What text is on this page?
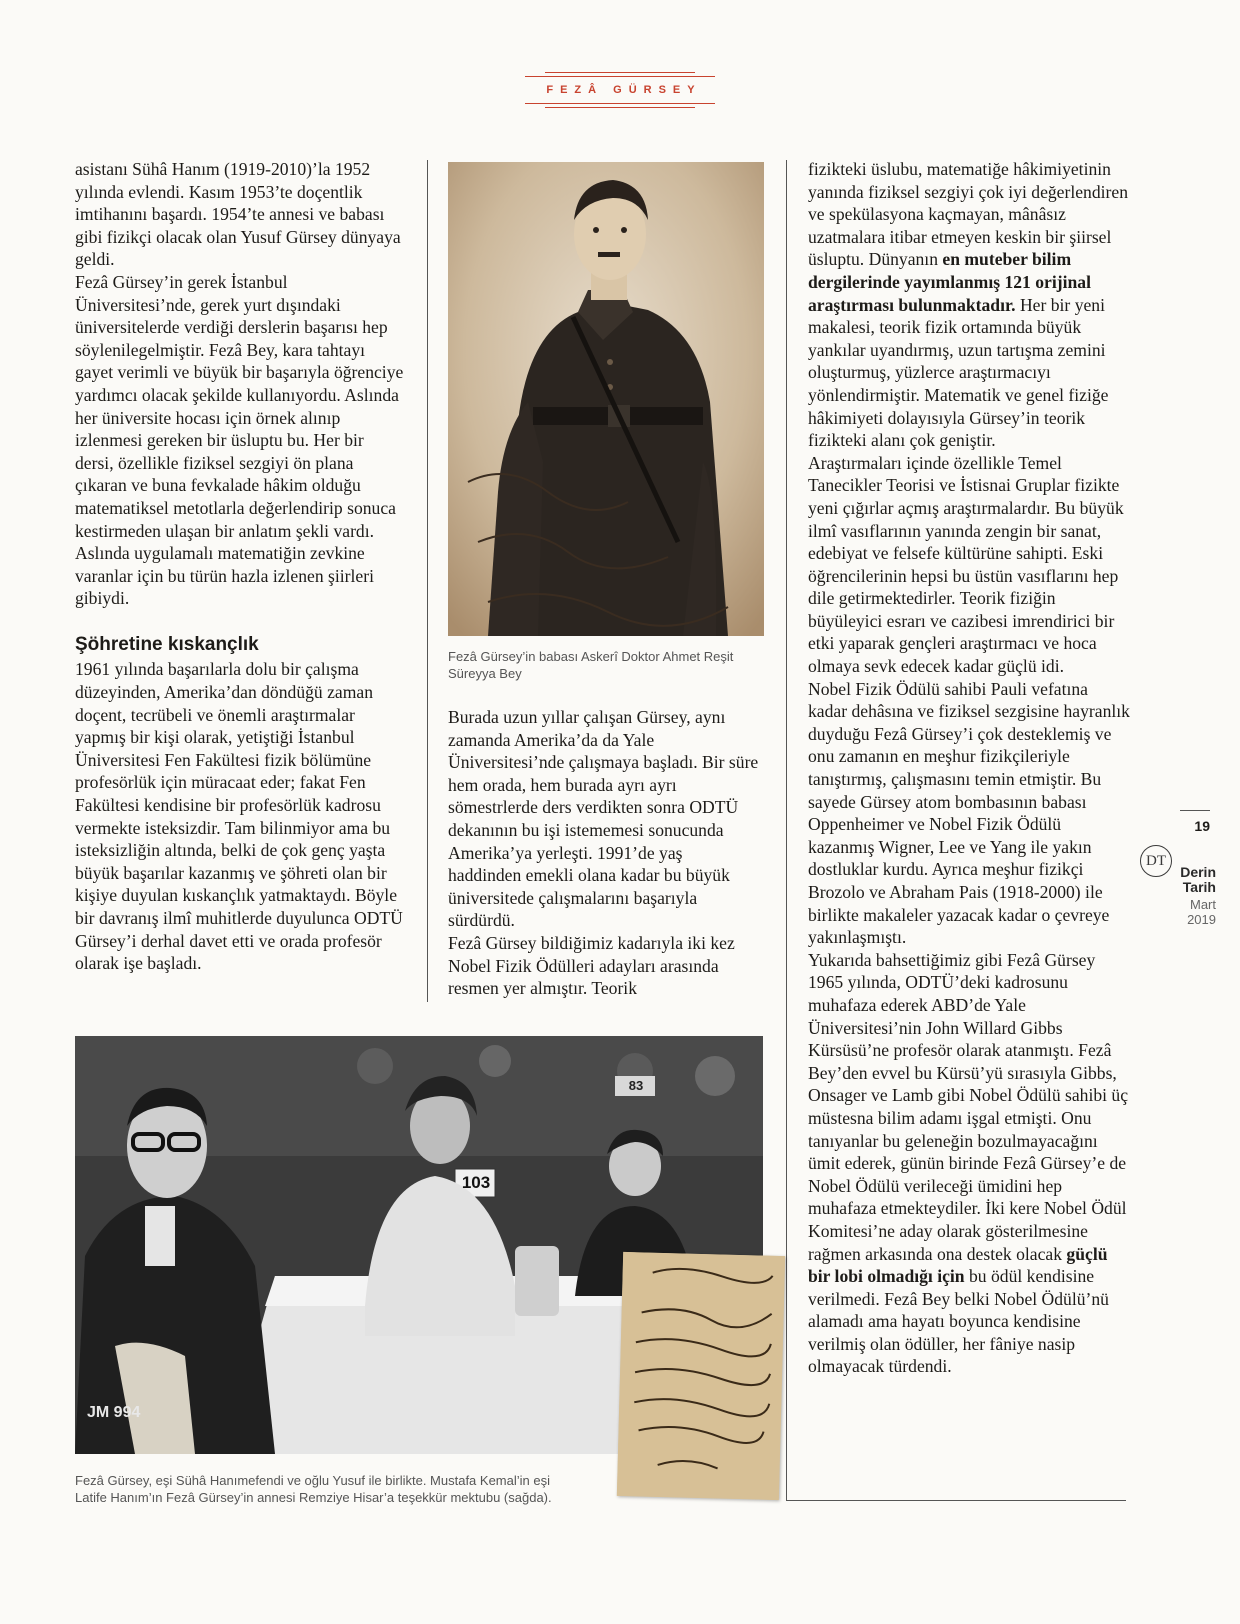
FEZÂ GÜRSEY

asistanı Sühâ Hanım (1919-2010)’la 1952 yılında evlendi. Kasım 1953’te doçentlik imtihanını başardı. 1954’te annesi ve babası gibi fizikçi olacak olan Yusuf Gürsey dünyaya geldi.

Fezâ Gürsey’in gerek İstanbul Üniversitesi’nde, gerek yurt dışındaki üniversitelerde verdiği derslerin başarısı hep söylenilegelmiştir. Fezâ Bey, kara tahtayı gayet verimli ve büyük bir başarıyla öğrenciye yardımcı olacak şekilde kullanıyordu. Aslında her üniversite hocası için örnek alınıp izlenmesi gereken bir üsluptu bu. Her bir dersi, özellikle fiziksel sezgiyi ön plana çıkaran ve buna fevkalade hâkim olduğu matematiksel metotlarla değerlendirip sonuca kestirmeden ulaşan bir anlatım şekli vardı. Aslında uygulamalı matematiğin zevkine varanlar için bu türün hazla izlenen şiirleri gibiydi.

Şöhretine kıskançlık

1961 yılında başarılarla dolu bir çalışma düzeyinden, Amerika’dan döndüğü zaman doçent, tecrübeli ve önemli araştırmalar yapmış bir kişi olarak, yetiştiği İstanbul Üniversitesi Fen Fakültesi fizik bölümüne profesörlük için müracaat eder; fakat Fen Fakültesi kendisine bir profesörlük kadrosu vermekte isteksizdir. Tam bilinmiyor ama bu isteksizliğin altında, belki de çok genç yaşta büyük başarılar kazanmış ve şöhreti olan bir kişiye duyulan kıskançlık yatmaktaydı. Böyle bir davranış ilmî muhitlerde duyulunca ODTÜ Gürsey’i derhal davet etti ve orada profesör olarak işe başladı.

Fezâ Gürsey’in babası Askerî Doktor Ahmet Reşit Süreyya Bey

Burada uzun yıllar çalışan Gürsey, aynı zamanda Amerika’da da Yale Üniversitesi’nde çalışmaya başladı. Bir süre hem orada, hem burada ayrı ayrı sömestrlerde ders verdikten sonra ODTÜ dekanının bu işi istememesi sonucunda Amerika’ya yerleşti. 1991’de yaş haddinden emekli olana kadar bu büyük üniversitede çalışmalarını başarıyla sürdürdü.

Fezâ Gürsey bildiğimiz kadarıyla iki kez Nobel Fizik Ödülleri adayları arasında resmen yer almıştır. Teorik

fizikteki üslubu, matematiğe hâkimiyetinin yanında fiziksel sezgiyi çok iyi değerlendiren ve spekülasyona kaçmayan, mânâsız uzatmalara itibar etmeyen keskin bir şiirsel üsluptu. Dünyanın en muteber bilim dergilerinde yayımlanmış 121 orijinal araştırması bulunmaktadır. Her bir yeni makalesi, teorik fizik ortamında büyük yankılar uyandırmış, uzun tartışma zemini oluşturmuş, yüzlerce araştırmacıyı yönlendirmiştir. Matematik ve genel fiziğe hâkimiyeti dolayısıyla Gürsey’in teorik fizikteki alanı çok geniştir.

Araştırmaları içinde özellikle Temel Tanecikler Teorisi ve İstisnai Gruplar fizikte yeni çığırlar açmış araştırmalardır. Bu büyük ilmî vasıflarının yanında zengin bir sanat, edebiyat ve felsefe kültürüne sahipti. Eski öğrencilerinin hepsi bu üstün vasıflarını hep dile getirmektedirler. Teorik fiziğin büyüleyici esrarı ve cazibesi imrendirici bir etki yaparak gençleri araştırmacı ve hoca olmaya sevk edecek kadar güçlü idi.

Nobel Fizik Ödülü sahibi Pauli vefatına kadar dehâsına ve fiziksel sezgisine hayranlık duyduğu Fezâ Gürsey’i çok desteklemiş ve onu zamanın en meşhur fizikçileriyle tanıştırmış, çalışmasını temin etmiştir. Bu sayede Gürsey atom bombasının babası Oppenheimer ve Nobel Fizik Ödülü kazanmış Wigner, Lee ve Yang ile yakın dostluklar kurdu. Ayrıca meşhur fizikçi Brozolo ve Abraham Pais (1918-2000) ile birlikte makaleler yazacak kadar o çevreye yakınlaşmıştı.

Yukarıda bahsettiğimiz gibi Fezâ Gürsey 1965 yılında, ODTÜ’deki kadrosunu muhafaza ederek ABD’de Yale Üniversitesi’nin John Willard Gibbs Kürsüsü’ne profesör olarak atanmıştı. Fezâ Bey’den evvel bu Kürsü’yü sırasıyla Gibbs, Onsager ve Lamb gibi Nobel Ödülü sahibi üç müstesna bilim adamı işgal etmişti. Onu tanıyanlar bu geleneğin bozulmayacağını ümit ederek, günün birinde Fezâ Gürsey’e de Nobel Ödülü verileceği ümidini hep muhafaza etmekteydiler. İki kere Nobel Ödül Komitesi’ne aday olarak gösterilmesine rağmen arkasında ona destek olacak güçlü bir lobi olmadığı için bu ödül kendisine verilmedi. Fezâ Bey belki Nobel Ödülü’nü alamadı ama hayatı boyunca kendisine verilmiş olan ödüller, her fâniye nasip olmayacak türdendi.

103
83
JM 994
Fezâ Gürsey, eşi Sühâ Hanımefendi ve oğlu Yusuf ile birlikte. Mustafa Kemal’in eşi
Latife Hanım’ın Fezâ Gürsey’in annesi Remziye Hisar’a teşekkür mektubu (sağda).
19
DT
Derin
Tarih
Mart
2019
